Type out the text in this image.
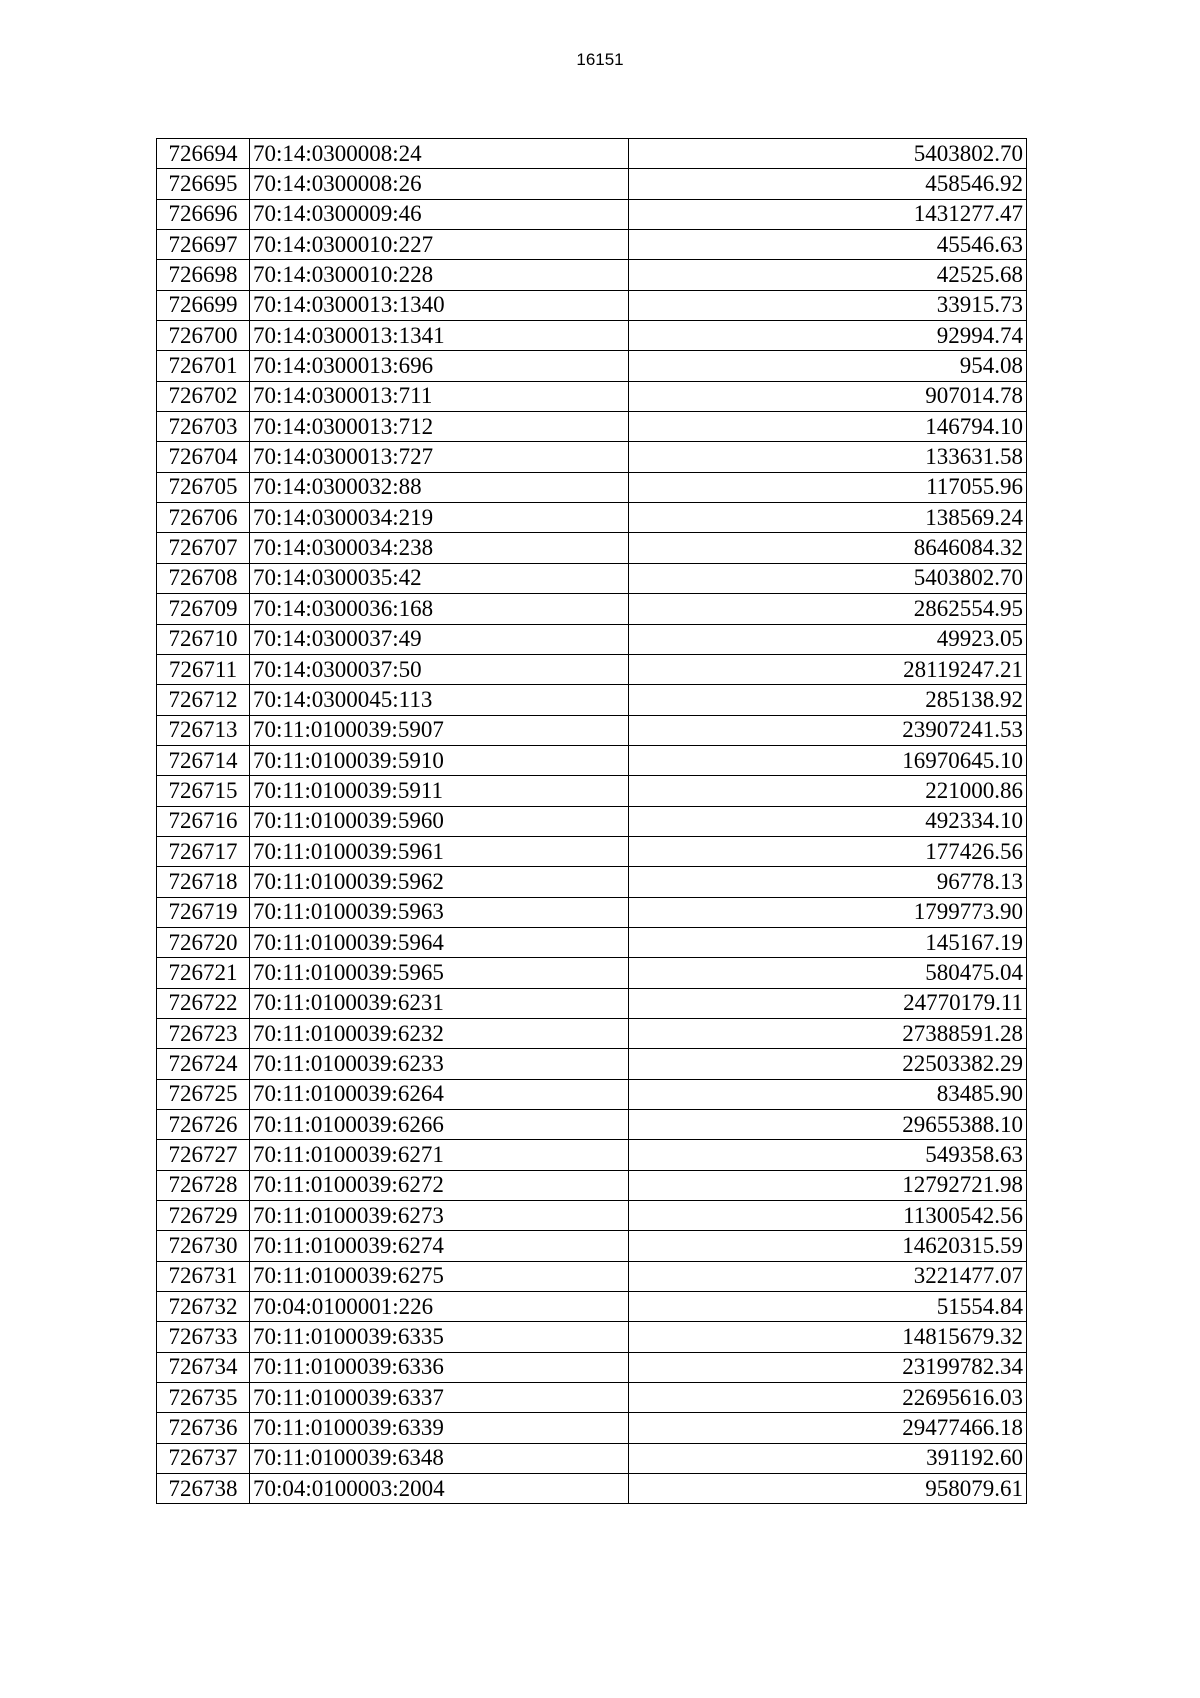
16151
726694	70:14:0300008:24	5403802.70
726695	70:14:0300008:26	458546.92
726696	70:14:0300009:46	1431277.47
726697	70:14:0300010:227	45546.63
726698	70:14:0300010:228	42525.68
726699	70:14:0300013:1340	33915.73
726700	70:14:0300013:1341	92994.74
726701	70:14:0300013:696	954.08
726702	70:14:0300013:711	907014.78
726703	70:14:0300013:712	146794.10
726704	70:14:0300013:727	133631.58
726705	70:14:0300032:88	117055.96
726706	70:14:0300034:219	138569.24
726707	70:14:0300034:238	8646084.32
726708	70:14:0300035:42	5403802.70
726709	70:14:0300036:168	2862554.95
726710	70:14:0300037:49	49923.05
726711	70:14:0300037:50	28119247.21
726712	70:14:0300045:113	285138.92
726713	70:11:0100039:5907	23907241.53
726714	70:11:0100039:5910	16970645.10
726715	70:11:0100039:5911	221000.86
726716	70:11:0100039:5960	492334.10
726717	70:11:0100039:5961	177426.56
726718	70:11:0100039:5962	96778.13
726719	70:11:0100039:5963	1799773.90
726720	70:11:0100039:5964	145167.19
726721	70:11:0100039:5965	580475.04
726722	70:11:0100039:6231	24770179.11
726723	70:11:0100039:6232	27388591.28
726724	70:11:0100039:6233	22503382.29
726725	70:11:0100039:6264	83485.90
726726	70:11:0100039:6266	29655388.10
726727	70:11:0100039:6271	549358.63
726728	70:11:0100039:6272	12792721.98
726729	70:11:0100039:6273	11300542.56
726730	70:11:0100039:6274	14620315.59
726731	70:11:0100039:6275	3221477.07
726732	70:04:0100001:226	51554.84
726733	70:11:0100039:6335	14815679.32
726734	70:11:0100039:6336	23199782.34
726735	70:11:0100039:6337	22695616.03
726736	70:11:0100039:6339	29477466.18
726737	70:11:0100039:6348	391192.60
726738	70:04:0100003:2004	958079.61
